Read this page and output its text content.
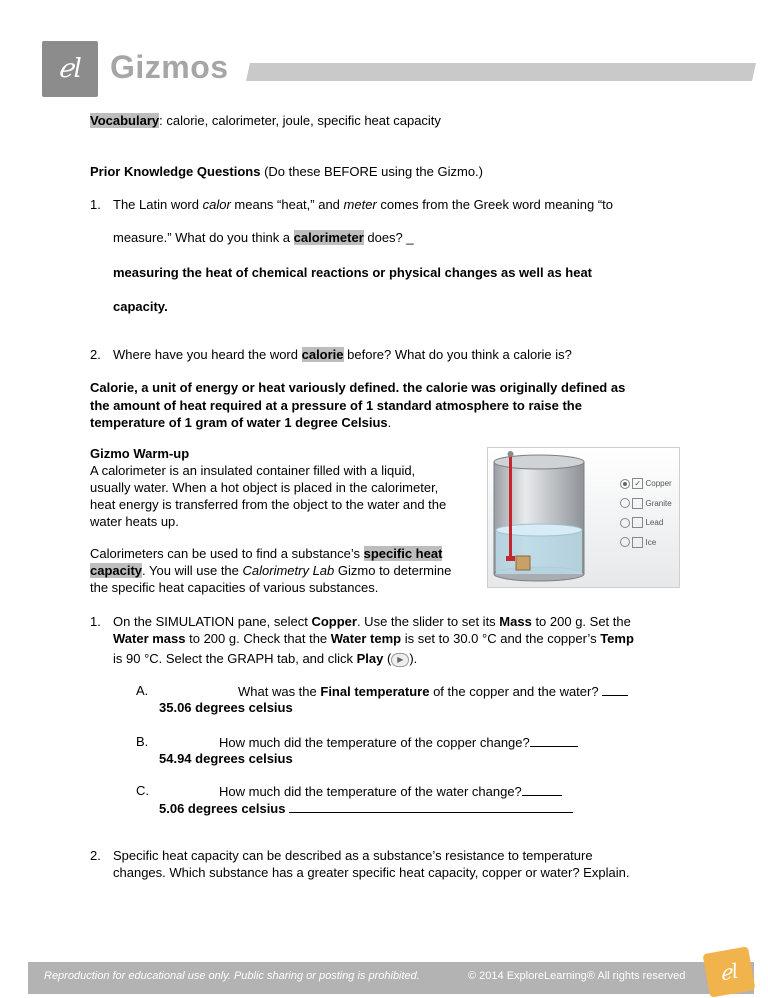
ℯl Gizmos
Vocabulary: calorie, calorimeter, joule, specific heat capacity
Prior Knowledge Questions (Do these BEFORE using the Gizmo.)
1. The Latin word calor means “heat,” and meter comes from the Greek word meaning “to
measure.” What do you think a calorimeter does? _
measuring the heat of chemical reactions or physical changes as well as heat
capacity.
2. Where have you heard the word calorie before? What do you think a calorie is?
Calorie, a unit of energy or heat variously defined. the calorie was originally defined as
the amount of heat required at a pressure of 1 standard atmosphere to raise the
temperature of 1 gram of water 1 degree Celsius.
Gizmo Warm-up
A calorimeter is an insulated container filled with a liquid,
usually water. When a hot object is placed in the calorimeter,
heat energy is transferred from the object to the water and the
water heats up.
Calorimeters can be used to find a substance’s specific heat
capacity. You will use the Calorimetry Lab Gizmo to determine
the specific heat capacities of various substances.
✓ Copper
Granite
Lead
Ice
1. On the SIMULATION pane, select Copper. Use the slider to set its Mass to 200 g. Set the
Water mass to 200 g. Check that the Water temp is set to 30.0 °C and the copper’s Temp
is 90 °C. Select the GRAPH tab, and click Play ( ▶ ).
A.	What was the Final temperature of the copper and the water?
35.06 degrees celsius
B.	How much did the temperature of the copper change?
54.94 degrees celsius
C.	How much did the temperature of the water change?
5.06 degrees celsius
2. Specific heat capacity can be described as a substance’s resistance to temperature
changes. Which substance has a greater specific heat capacity, copper or water? Explain.
Reproduction for educational use only. Public sharing or posting is prohibited.	© 2014 ExploreLearning® All rights reserved	ℯl
